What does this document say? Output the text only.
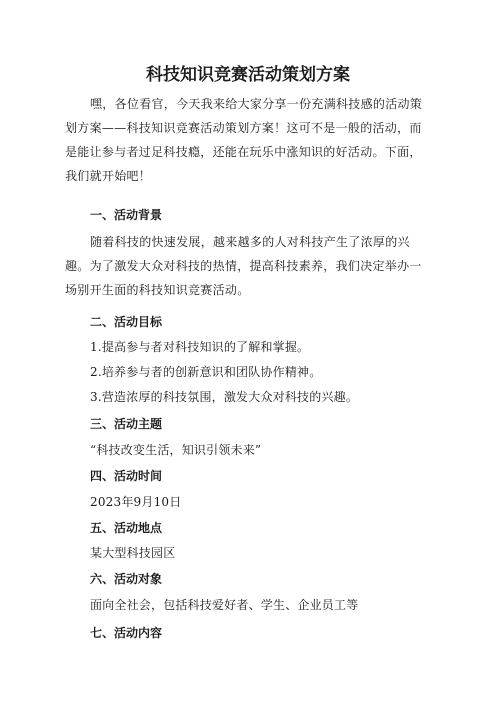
科技知识竞赛活动策划方案
嘿，各位看官，今天我来给大家分享一份充满科技感的活动策划方案——科技知识竞赛活动策划方案！这可不是一般的活动，而是能让参与者过足科技瘾，还能在玩乐中涨知识的好活动。下面，我们就开始吧！
一、活动背景
随着科技的快速发展，越来越多的人对科技产生了浓厚的兴趣。为了激发大众对科技的热情，提高科技素养，我们决定举办一场别开生面的科技知识竞赛活动。
二、活动目标
1.提高参与者对科技知识的了解和掌握。
2.培养参与者的创新意识和团队协作精神。
3.营造浓厚的科技氛围，激发大众对科技的兴趣。
三、活动主题
“科技改变生活，知识引领未来”
四、活动时间
2023年9月10日
五、活动地点
某大型科技园区
六、活动对象
面向全社会，包括科技爱好者、学生、企业员工等
七、活动内容
